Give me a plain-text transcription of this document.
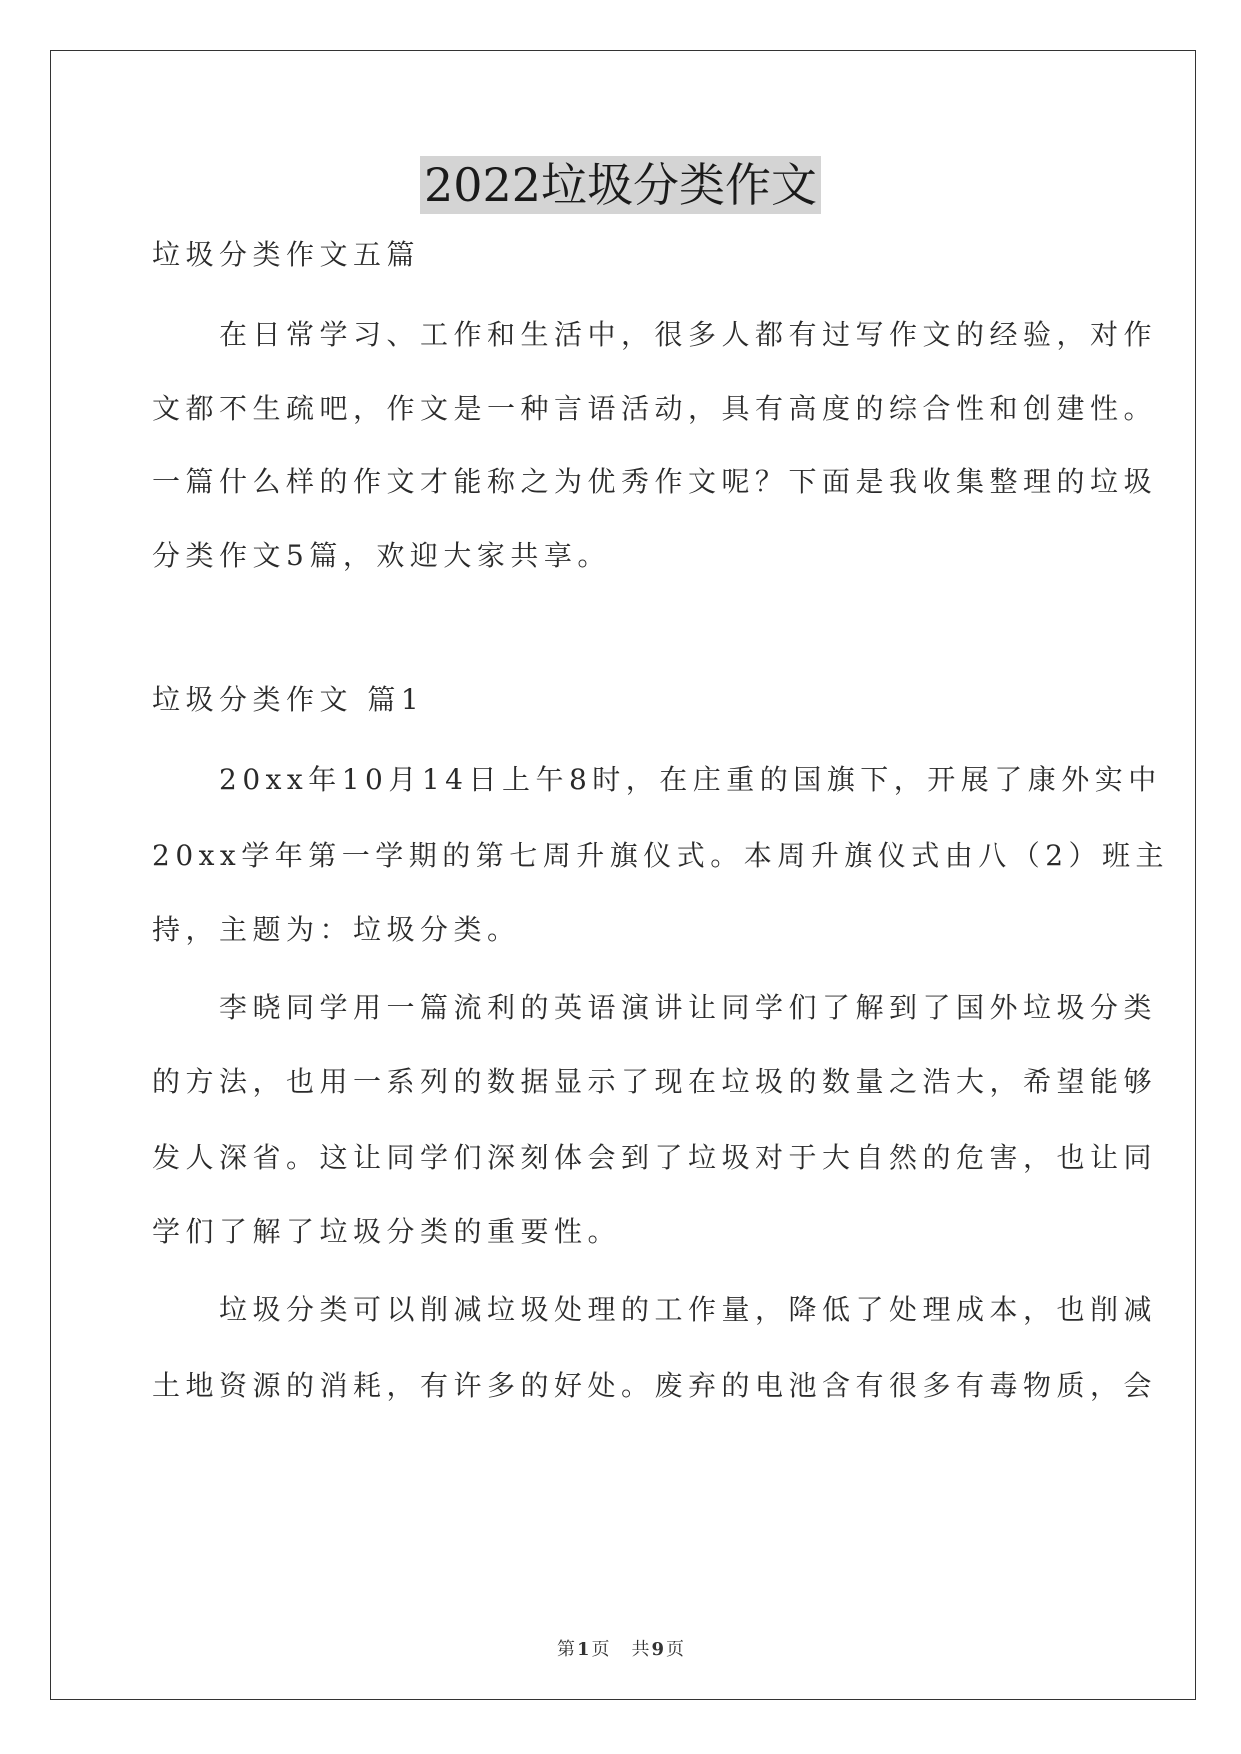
2022垃圾分类作文
垃圾分类作文五篇
　　在日常学习、工作和生活中，很多人都有过写作文的经验，对作
文都不生疏吧，作文是一种言语活动，具有高度的综合性和创建性。
一篇什么样的作文才能称之为优秀作文呢？下面是我收集整理的垃圾
分类作文5篇，欢迎大家共享。
垃圾分类作文 篇1
　　20xx年10月14日上午8时，在庄重的国旗下，开展了康外实中
20xx学年第一学期的第七周升旗仪式。本周升旗仪式由八（2）班主
持，主题为：垃圾分类。
　　李晓同学用一篇流利的英语演讲让同学们了解到了国外垃圾分类
的方法，也用一系列的数据显示了现在垃圾的数量之浩大，希望能够
发人深省。这让同学们深刻体会到了垃圾对于大自然的危害，也让同
学们了解了垃圾分类的重要性。
　　垃圾分类可以削减垃圾处理的工作量，降低了处理成本，也削减
土地资源的消耗，有许多的好处。废弃的电池含有很多有毒物质，会
第 1 页 共 9 页
